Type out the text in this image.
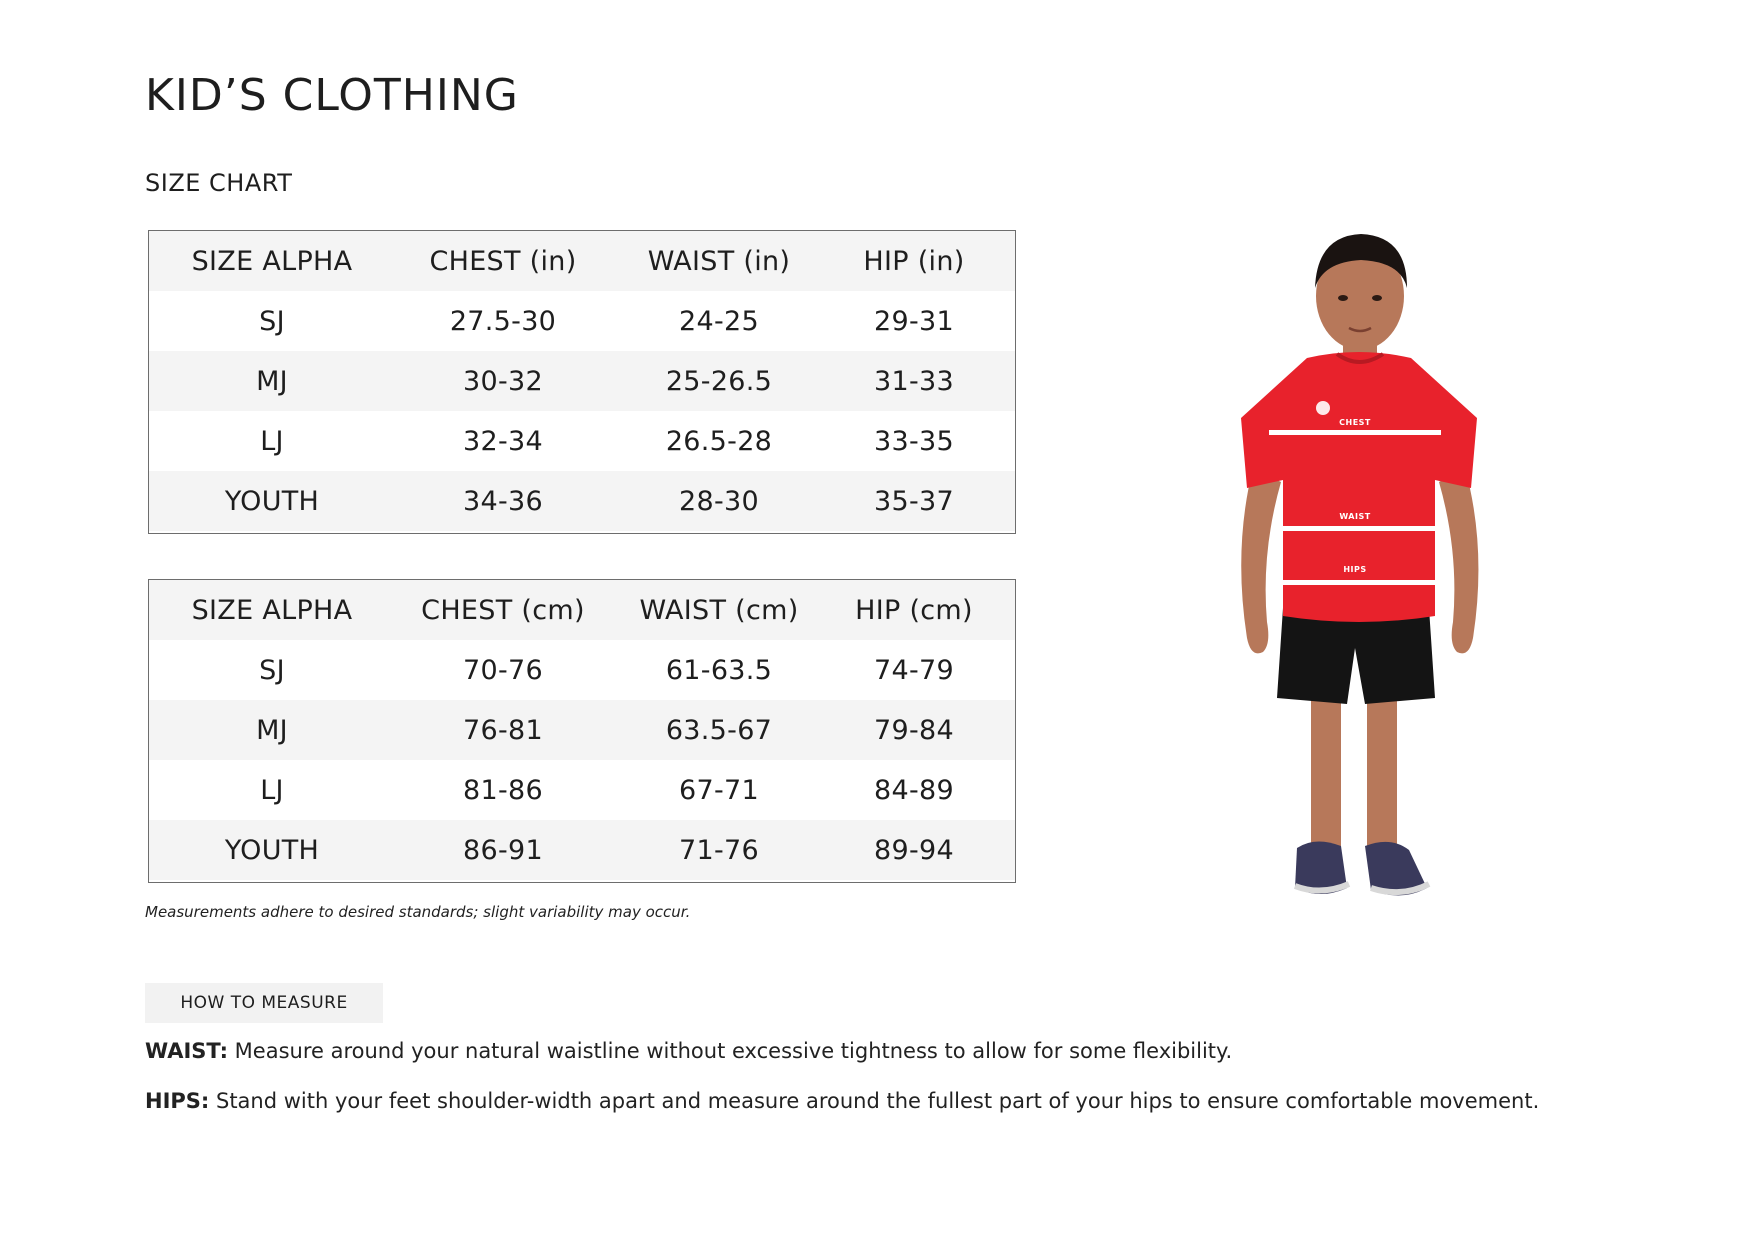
KID’S CLOTHING
SIZE CHART
SIZE ALPHA	CHEST (in)	WAIST (in)	HIP (in)
SJ	27.5-30	24-25	29-31
MJ	30-32	25-26.5	31-33
LJ	32-34	26.5-28	33-35
YOUTH	34-36	28-30	35-37
SIZE ALPHA	CHEST (cm)	WAIST (cm)	HIP (cm)
SJ	70-76	61-63.5	74-79
MJ	76-81	63.5-67	79-84
LJ	81-86	67-71	84-89
YOUTH	86-91	71-76	89-94
Measurements adhere to desired standards; slight variability may occur.
HOW TO MEASURE
WAIST: Measure around your natural waistline without excessive tightness to allow for some flexibility.
HIPS: Stand with your feet shoulder-width apart and measure around the fullest part of your hips to ensure comfortable movement.
CHEST
WAIST
HIPS
